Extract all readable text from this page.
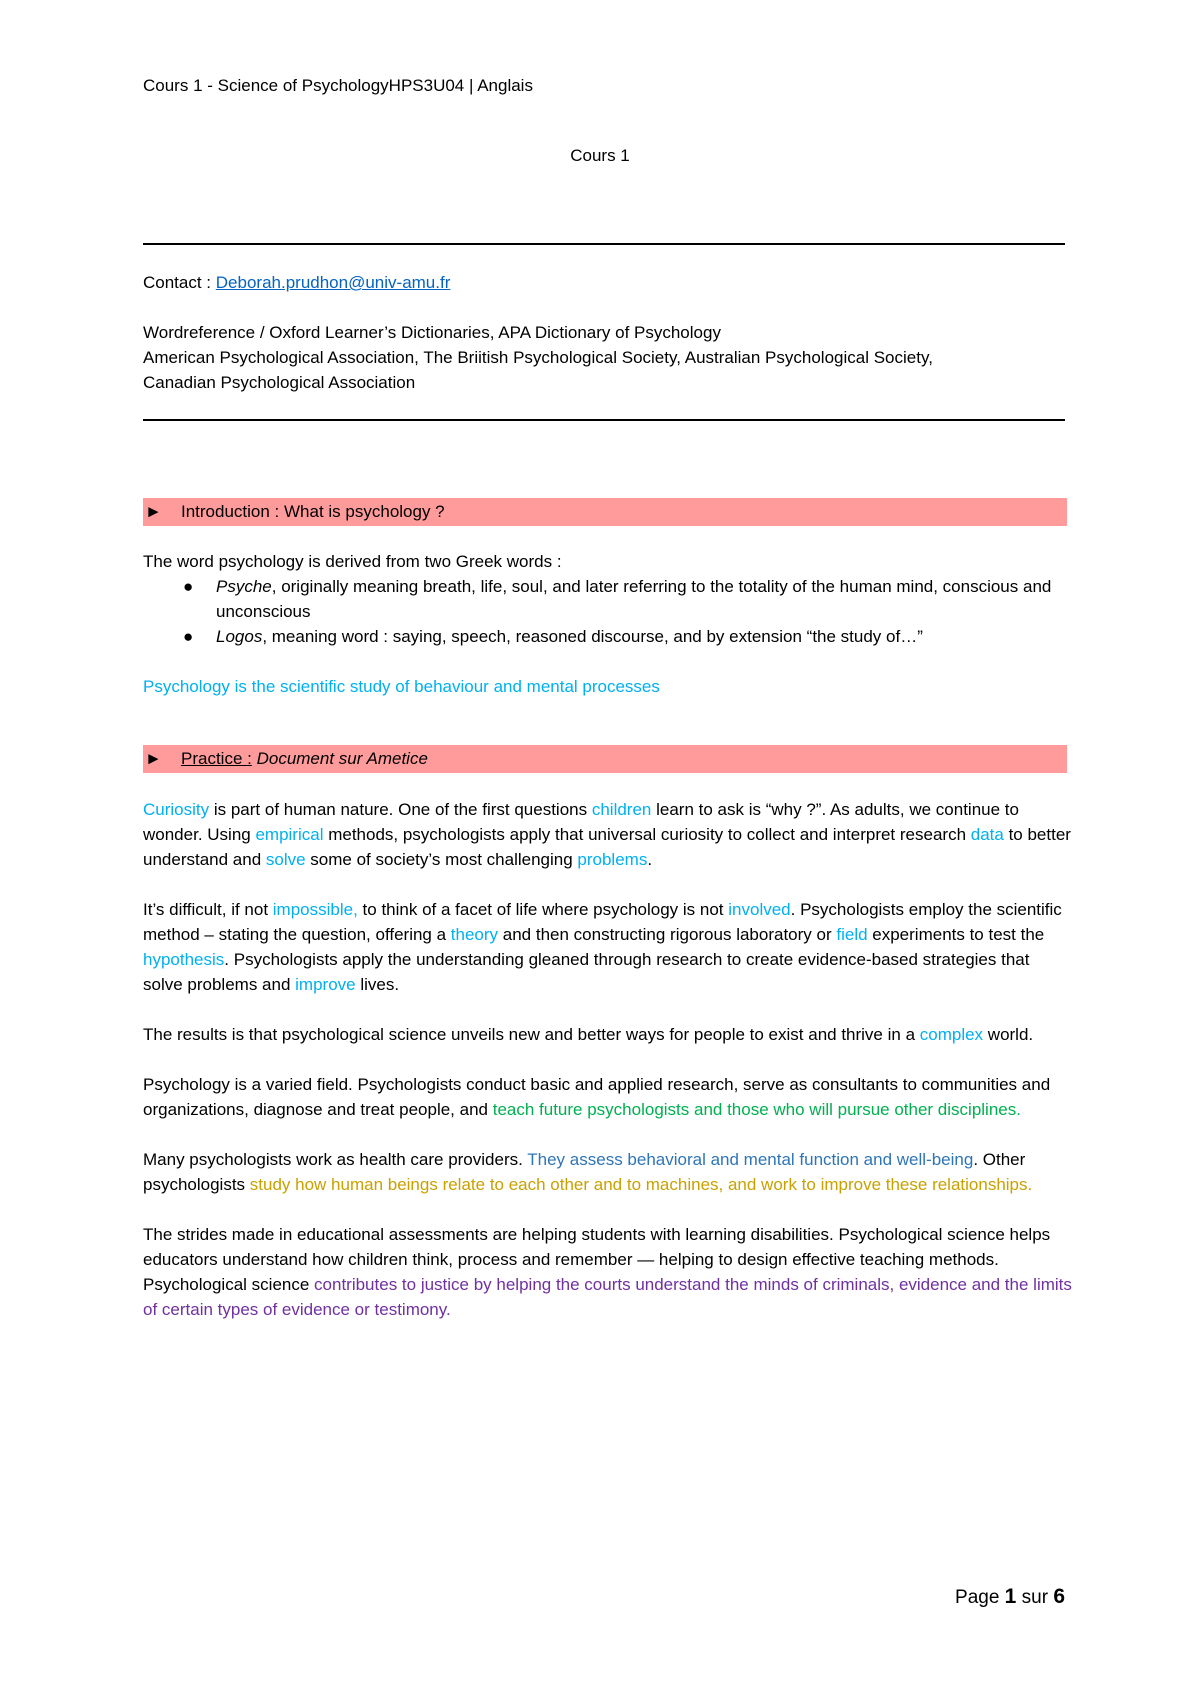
Cours 1 - Science of PsychologyHPS3U04 | Anglais
Cours 1
Contact : Deborah.prudhon@univ-amu.fr
Wordreference / Oxford Learner’s Dictionaries, APA Dictionary of Psychology
American Psychological Association, The Briitish Psychological Society, Australian Psychological Society,
Canadian Psychological Association
► Introduction : What is psychology ?
The word psychology is derived from two Greek words :
● Psyche, originally meaning breath, life, soul, and later referring to the totality of the human mind, conscious and unconscious
● Logos, meaning word : saying, speech, reasoned discourse, and by extension “the study of…”
Psychology is the scientific study of behaviour and mental processes
► Practice : Document sur Ametice
Curiosity is part of human nature. One of the first questions children learn to ask is “why ?”. As adults, we continue to wonder. Using empirical methods, psychologists apply that universal curiosity to collect and interpret research data to better understand and solve some of society’s most challenging problems.
It’s difficult, if not impossible, to think of a facet of life where psychology is not involved. Psychologists employ the scientific method – stating the question, offering a theory and then constructing rigorous laboratory or field experiments to test the hypothesis. Psychologists apply the understanding gleaned through research to create evidence-based strategies that solve problems and improve lives.
The results is that psychological science unveils new and better ways for people to exist and thrive in a complex world.
Psychology is a varied field. Psychologists conduct basic and applied research, serve as consultants to communities and organizations, diagnose and treat people, and teach future psychologists and those who will pursue other disciplines.
Many psychologists work as health care providers. They assess behavioral and mental function and well-being. Other psychologists study how human beings relate to each other and to machines, and work to improve these relationships.
The strides made in educational assessments are helping students with learning disabilities. Psychological science helps educators understand how children think, process and remember — helping to design effective teaching methods. Psychological science contributes to justice by helping the courts understand the minds of criminals, evidence and the limits of certain types of evidence or testimony.
Page 1 sur 6
